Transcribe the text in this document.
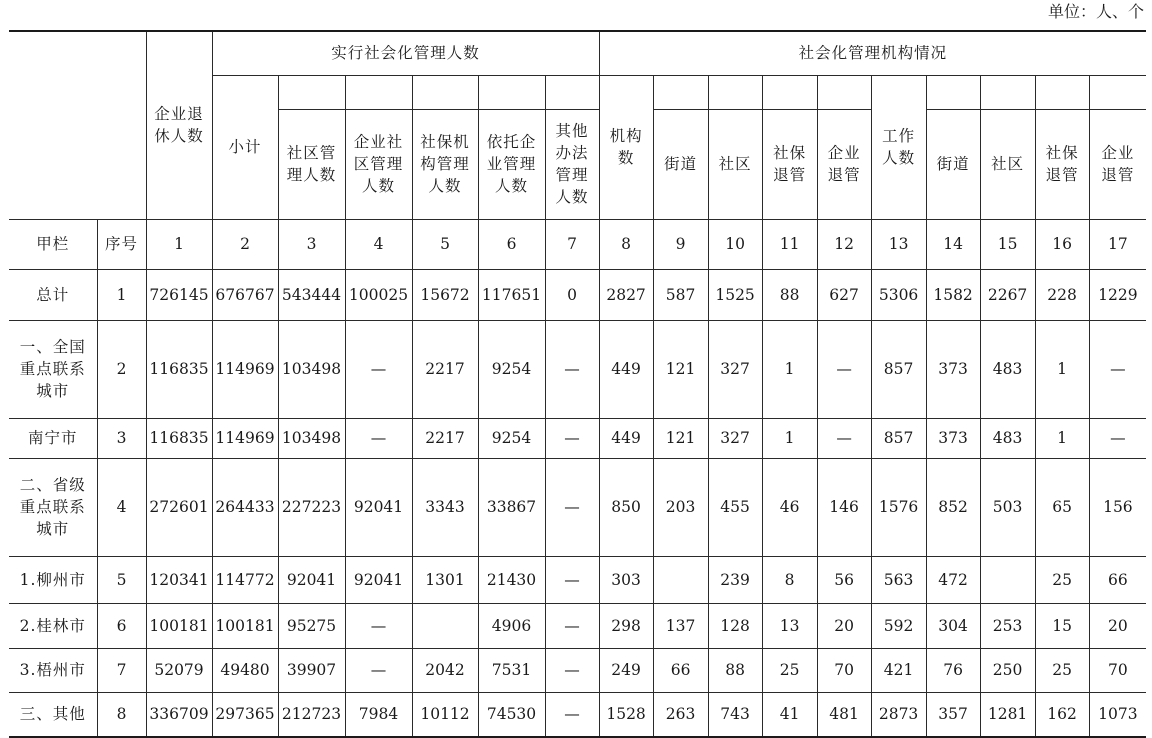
单位：人、个
		企业退休人数	实行社会化管理人数						社会化管理机构情况									
			小计						机构数					工作人数				
				社区管理人数	企业社区管理人数	社保机构管理人数	依托企业管理人数	其他办法管理人数		街道	社区	社保退管	企业退管		街道	社区	社保退管	企业退管
甲栏	序号	1	2	3	4	5	6	7	8	9	10	11	12	13	14	15	16	17
总计	1	726145	676767	543444	100025	15672	117651	0	2827	587	1525	88	627	5306	1582	2267	228	1229
一、全国重点联系城市	2	116835	114969	103498	—	2217	9254	—	449	121	327	1	—	857	373	483	1	—
南宁市	3	116835	114969	103498	—	2217	9254	—	449	121	327	1	—	857	373	483	1	—
二、省级重点联系城市	4	272601	264433	227223	92041	3343	33867	—	850	203	455	46	146	1576	852	503	65	156
1.柳州市	5	120341	114772	92041	92041	1301	21430	—	303		239	8	56	563	472		25	66
2.桂林市	6	100181	100181	95275	—		4906	—	298	137	128	13	20	592	304	253	15	20
3.梧州市	7	52079	49480	39907	—	2042	7531	—	249	66	88	25	70	421	76	250	25	70
三、其他	8	336709	297365	212723	7984	10112	74530	—	1528	263	743	41	481	2873	357	1281	162	1073
